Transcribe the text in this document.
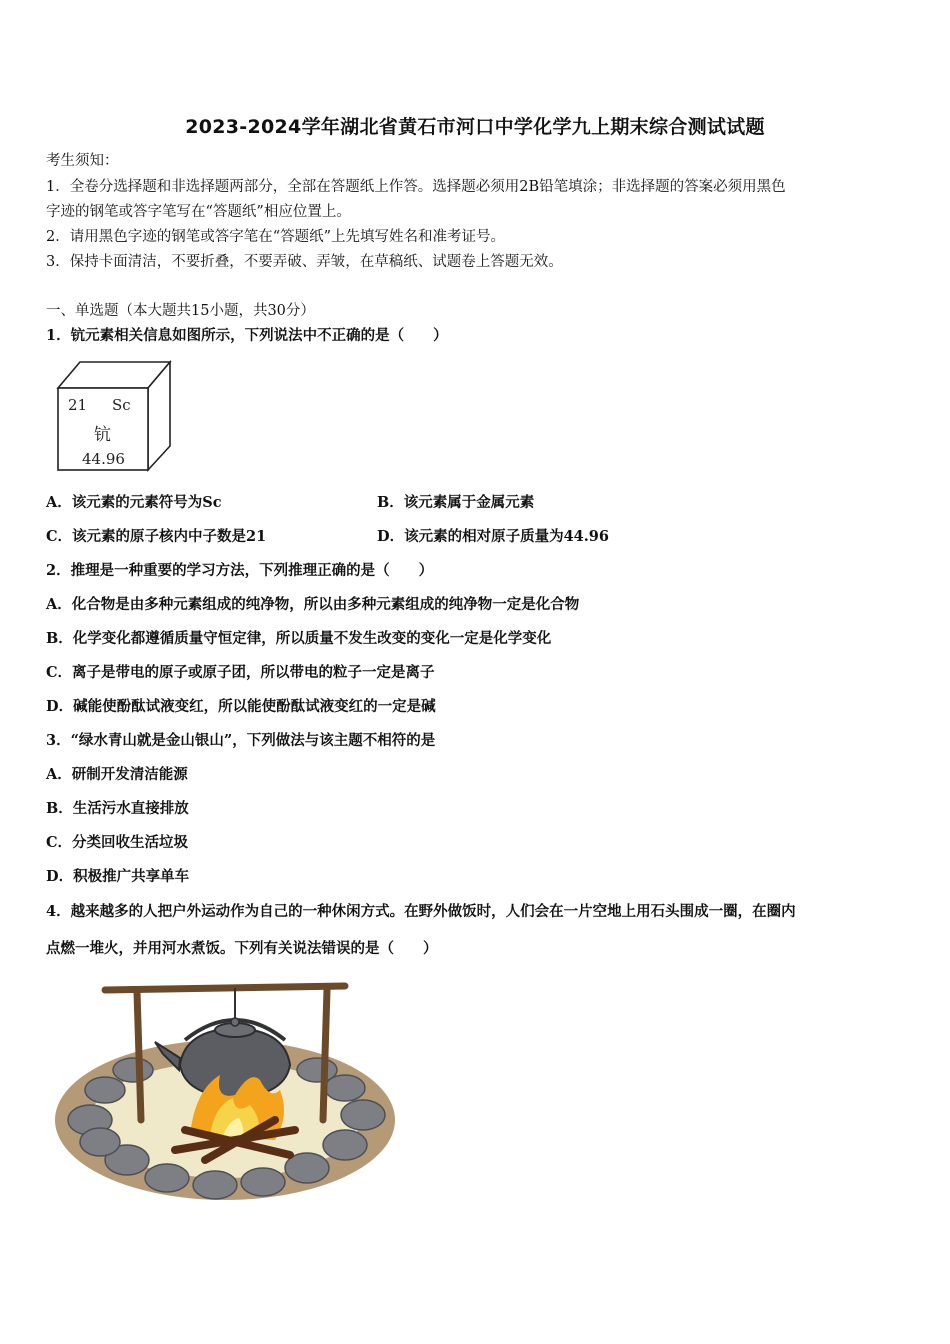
2023-2024学年湖北省黄石市河口中学化学九上期末综合测试试题
考生须知：
1．全卷分选择题和非选择题两部分，全部在答题纸上作答。选择题必须用2B铅笔填涂；非选择题的答案必须用黑色
字迹的钢笔或答字笔写在“答题纸”相应位置上。
2．请用黑色字迹的钢笔或答字笔在“答题纸”上先填写姓名和准考证号。
3．保持卡面清洁，不要折叠，不要弄破、弄皱，在草稿纸、试题卷上答题无效。
一、单选题（本大题共15小题，共30分）
1．钪元素相关信息如图所示，下列说法中不正确的是（　　）
21 Sc
钪
44.96
A．该元素的元素符号为Sc	B．该元素属于金属元素
C．该元素的原子核内中子数是21	D．该元素的相对原子质量为44.96
2．推理是一种重要的学习方法，下列推理正确的是（　　）
A．化合物是由多种元素组成的纯净物，所以由多种元素组成的纯净物一定是化合物
B．化学变化都遵循质量守恒定律，所以质量不发生改变的变化一定是化学变化
C．离子是带电的原子或原子团，所以带电的粒子一定是离子
D．碱能使酚酞试液变红，所以能使酚酞试液变红的一定是碱
3．“绿水青山就是金山银山”，下列做法与该主题不相符的是
A．研制开发清洁能源
B．生活污水直接排放
C．分类回收生活垃圾
D．积极推广共享单车
4．越来越多的人把户外运动作为自己的一种休闲方式。在野外做饭时，人们会在一片空地上用石头围成一圈，在圈内
点燃一堆火，并用河水煮饭。下列有关说法错误的是（　　）
